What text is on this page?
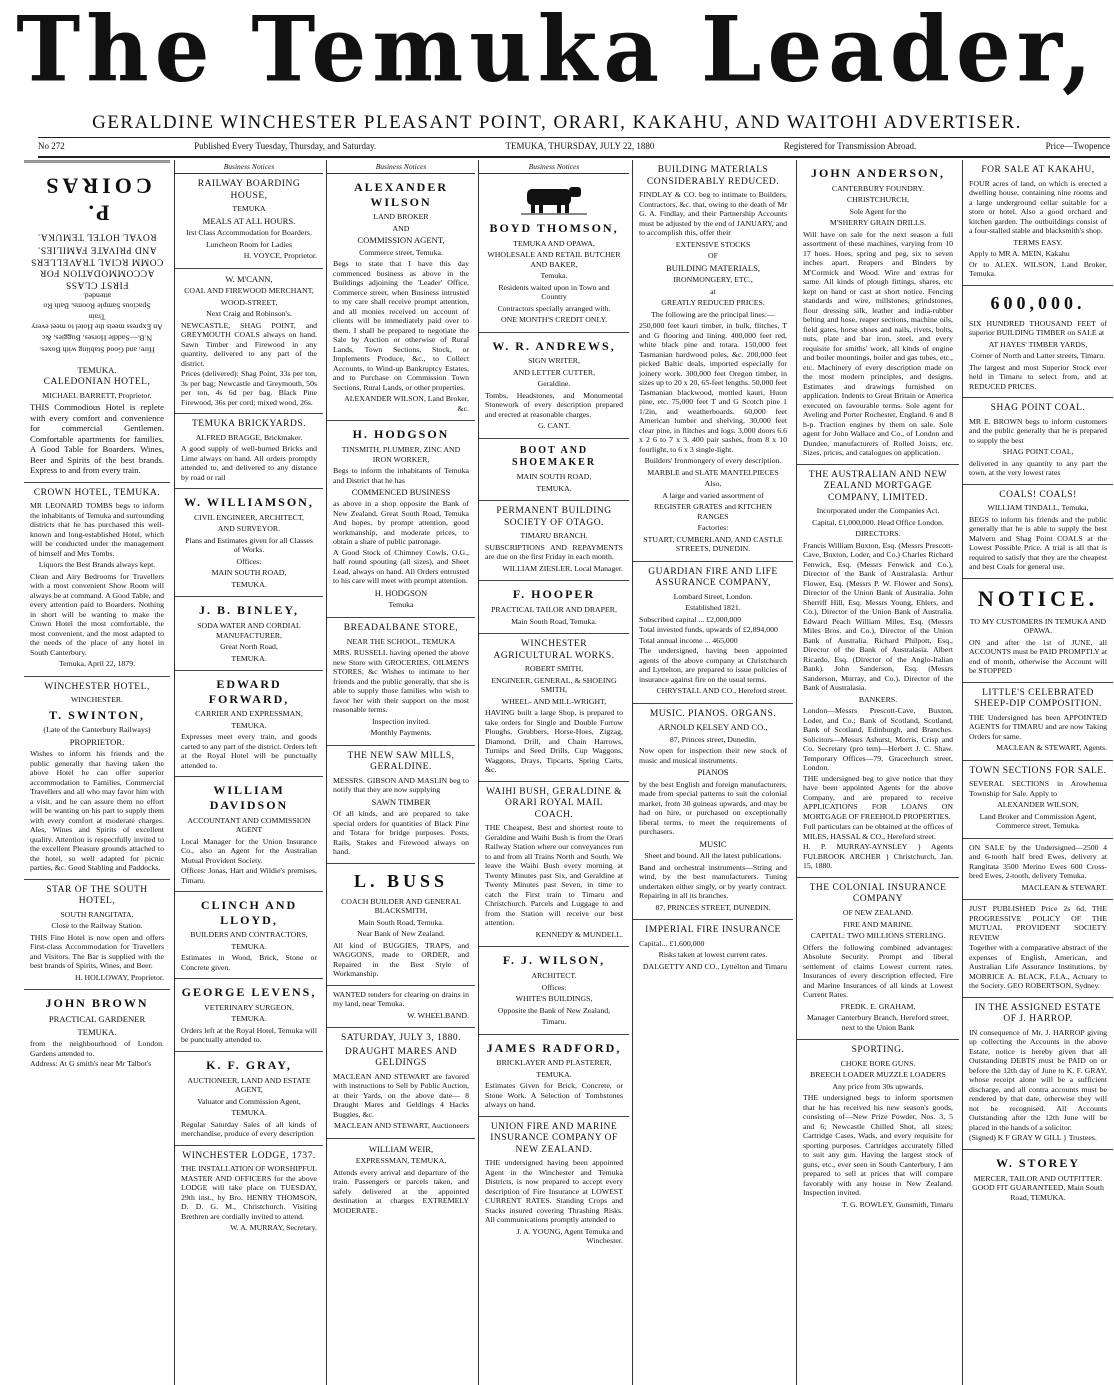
The Temuka Leader,
GERALDINE WINCHESTER PLEASANT POINT, ORARI, KAKAHU, AND WAITOHI ADVERTISER.
No 272	Published Every Tuesday, Thursday, and Saturday.	TEMUKA, THURSDAY, JULY 22, 1880	Registered for Transmission Abroad.	Price—Twopence
Hire, and Good Stabling with Boxes.
N.B.—Saddle Horses, Buggies, &c
An Express meets the Hotel to meet every Train
Spacious Sample Rooms, Bath Ro attended.
FIRST CLASS ACCOMMODATION FOR COMM RCIAL TRAVELLERS AND PRIVATE FAMILIES.
ROYAL HOTEL TEMUKA.
P. COIRAS
TEMUKA.
CALEDONIAN HOTEL,
MICHAEL BARRETT, Proprietor.
THIS Commodious Hotel is replete with every comfort and convenience for commercial Gentlemen. Comfortable apartments for families. A Good Table for Boarders. Wines, Beer and Spirits of the best brands. Express to and from every train.
CROWN HOTEL, TEMUKA.
MR LEONARD TOMBS begs to inform the inhabitants of Temuka and surrounding districts that he has purchased this well-known and long-established Hotel, which will be conducted under the management of himself and Mrs Tombs.
Liquors the Best Brands always kept.
Clean and Airy Bedrooms for Travellers with a most convenient Show Room will always be at command. A Good Table, and every attention paid to Boarders. Nothing in short will be wanting to make the Crown Hotel the most comfortable, the most convenient, and the most adapted to the needs of the place of any hotel in South Canterbury.
Temuka, April 22, 1879.
WINCHESTER HOTEL,
WINCHESTER.
T. SWINTON,
(Late of the Canterbury Railways)
PROPRIETOR.
Wishes to inform his friends and the public generally that having taken the above Hotel he can offer superior accommodation to Families, Commercial Travellers and all who may favor him with a visit, and he can assure them no effort will be wanting on his part to supply them with every comfort at moderate charges. Ales, Wines and Spirits of excellent quality. Attention is respectfully invited to the excellent Pleasure grounds attached to the hotel, so well adapted for picnic parties, &c. Good Stabling and Paddocks.
STAR OF THE SOUTH HOTEL,
SOUTH RANGITATA,
Close to the Railway Station.
THIS Fine Hotel is now open and offers First-class Accommodation for Travellers and Visitors. The Bar is supplied with the best brands of Spirits, Wines, and Beer.
H. HOLLOWAY, Proprietor.
JOHN BROWN
PRACTICAL GARDENER
TEMUKA.
from the neighbourhood of London. Gardens attended to.
Address: At G smith's near Mr Talbot's
Business Notices
RAILWAY BOARDING HOUSE,
TEMUKA
MEALS AT ALL HOURS.
Irst Class Accommodation for Boarders.
Luncheon Room for Ladies
H. VOYCE, Proprietor.
W. M'CANN,
COAL AND FIREWOOD MERCHANT,
WOOD-STREET,
Next Craig and Robinson's.
NEWCASTLE, SHAG POINT, and GREYMOUTH COALS always on hand. Sawn Timber and Firewood in any quantity, delivered to any part of the district.
Prices (delivered): Shag Point, 33s per ton, 3s per bag; Newcastle and Greymouth, 50s per ton, 4s 6d per bag. Black Pine Firewood, 36s per cord; mixed wood, 26s.
TEMUKA BRICKYARDS.
ALFRED BRAGGE, Brickmaker.
A good supply of well-burned Bricks and Lime always on hand. All orders promptly attended to, and delivered to any distance by road or rail
W. WILLIAMSON,
CIVIL ENGINEER, ARCHITECT,
AND SURVEYOR.
Plans and Estimates given for all Classes of Works.
Offices:
MAIN SOUTH ROAD,
TEMUKA.
J. B. BINLEY,
SODA WATER AND CORDIAL MANUFACTURER,
Great North Road,
TEMUKA.
EDWARD FORWARD,
CARRIER AND EXPRESSMAN,
TEMUKA.
Expresses meet every train, and goods carted to any part of the district. Orders left at the Royal Hotel will be punctually attended to.
WILLIAM DAVIDSON
ACCOUNTANT AND COMMISSION AGENT
Local Manager for the Union Insurance Co., also an Agent for the Australian Mutual Provident Society.
Offices: Jonas, Hart and Wildie's premises, Timaru.
CLINCH AND LLOYD,
BUILDERS AND CONTRACTORS,
TEMUKA.
Estimates in Wood, Brick, Stone or Concrete given.
GEORGE LEVENS,
VETERINARY SURGEON,
TEMUKA.
Orders left at the Royal Hotel, Temuka will be punctually attended to.
K. F. GRAY,
AUCTIONEER, LAND AND ESTATE AGENT,
Valuator and Commission Agent,
TEMUKA.
Regular Saturday Sales of all kinds of merchandise, produce of every description
WINCHESTER LODGE, 1737.
THE INSTALLATION OF WORSHIPFUL MASTER AND OFFICERS for the above LODGE will take place on TUESDAY, 29th inst., by Bro. HENRY THOMSON, D. D. G. M., Christchurch. Visiting Brethren are cordially invited to attend.
W. A. MURRAY, Secretary.
Business Notices
ALEXANDER WILSON
LAND BROKER
AND
COMMISSION AGENT,
Commerce street, Temuka.
Begs to state that I have this day commenced business as above in the Buildings adjoining the 'Leader' Office, Commerce street, when Business intrusted to my care shall receive prompt attention, and all monies received on account of clients will be immediately paid over to them. I shall be prepared to negotiate the Sale by Auction or otherwise of Rural Lands, Town Sections, Stock, or Implements Produce, &c., to Collect Accounts, to Wind-up Bankruptcy Estates, and to Purchase on Commission Town Sections, Rural Lands, or other properties.
ALEXANDER WILSON, Land Broker, &c.
H. HODGSON
TINSMITH, PLUMBER, ZINC AND IRON WORKER,
Begs to inform the inhabitants of Temuka and District that he has
COMMENCED BUSINESS
as above in a shop opposite the Bank of New Zealand, Great South Road, Temuka And hopes, by prompt attention, good workmanship, and moderate prices, to obtain a share of public patronage.
A Good Stock of Chimney Cowls, O.G., half round spouting (all sizes), and Sheet Lead, always on hand. All Orders entrusted to his care will meet with prompt attention.
H. HODGSON
Temuka
BREADALBANE STORE,
NEAR THE SCHOOL, TEMUKA
MRS. RUSSELL having opened the above new Store with GROCERIES, OILMEN'S STORES, &c Wishes to intimate to her friends and the public generally, that she is able to supply those families who wish to favor her with their support on the most reasonable terms.
Inspection invited.
Monthly Payments.
THE NEW SAW MILLS, GERALDINE.
MESSRS. GIBSON AND MASLIN beg to notify that they are now supplying
SAWN TIMBER
Of all kinds, and are prepared to take special orders for quantities of Black Pine and Totara for bridge purposes. Posts, Rails, Stakes and Firewood always on hand.
L. BUSS
COACH BUILDER AND GENERAL BLACKSMITH,
Main South Road, Temuka.
Near Bank of New Zealand.
All kind of BUGGIES, TRAPS, and WAGGONS, made to ORDER, and Repaired in the Best Style of Workmanship.
WANTED tenders for clearing on drains in my land, near Temuka.
W. WHEELBAND.
SATURDAY, JULY 3, 1880.
DRAUGHT MARES AND GELDINGS
MACLEAN AND STEWART are favored with instructions to Sell by Public Auction, at their Yards, on the above date— 8 Draught Mares and Geldings 4 Hacks Buggies, &c.
MACLEAN AND STEWART, Auctioneers
WILLIAM WEIR,
EXPRESSMAN, TEMUKA,
Attends every arrival and departure of the train. Passengers or parcels taken, and safely delivered at the appointed destination at charges EXTREMELY MODERATE.
Business Notices
BOYD THOMSON,
TEMUKA AND OPAWA,
WHOLESALE AND RETAIL BUTCHER AND BAKER,
Temuka.
Residents waited upon in Town and Country
Contractors specially arranged with.
ONE MONTH'S CREDIT ONLY.
W. R. ANDREWS,
SIGN WRITER,
AND LETTER CUTTER,
Geraldine.
Tombs, Headstones, and Monumental Stonework of every description prepared and erected at reasonable charges.
G. CANT.
BOOT AND SHOEMAKER
MAIN SOUTH ROAD,
TEMUKA.
PERMANENT BUILDING SOCIETY OF OTAGO.
TIMARU BRANCH.
SUBSCRIPTIONS AND REPAYMENTS are due on the first Friday in each month.
WILLIAM ZIESLER, Local Manager.
F. HOOPER
PRACTICAL TAILOR AND DRAPER,
Main South Road, Temuka.
WINCHESTER AGRICULTURAL WORKS.
ROBERT SMITH,
ENGINEER, GENERAL, & SHOEING SMITH,
WHEEL- AND MILL-WRIGHT,
HAVING built a large Shop, is prepared to take orders for Single and Double Furrow Ploughs, Grubbers, Horse-Hoes, Zigzag, Diamond, Drill, and Chain Harrows, Turnips and Seed Drills, Cup Waggons, Waggons, Drays, Tipcarts, Spring Carts, &c.
WAIHI BUSH, GERALDINE & ORARI ROYAL MAIL COACH.
THE Cheapest, Best and shortest route to Geraldine and Waihi Bush is from the Orari Railway Station where our conveyances run to and from all Trains North and South. We leave the Waihi Bush every morning at Twenty Minutes past Six, and Geraldine at Twenty Minutes past Seven, in time to catch the First train to Timaru and Christchurch. Parcels and Luggage to and from the Station will receive our best attention.
KENNEDY & MUNDELL.
F. J. WILSON,
ARCHITECT.
Offices:
WHITE'S BUILDINGS,
Opposite the Bank of New Zealand,
Timaru.
JAMES RADFORD,
BRICKLAYER AND PLASTERER,
TEMUKA.
Estimates Given for Brick, Concrete, or Stone Work. A Selection of Tombstones always on hand.
UNION FIRE AND MARINE INSURANCE COMPANY OF NEW ZEALAND.
THE undersigned having been appointed Agent in the Winchester and Temuka Districts, is now prepared to accept every description of Fire Insurance at LOWEST CURRENT RATES. Standing Crops and Stacks insured covering Thrashing Risks. All communications promptly attended to
J. A. YOUNG, Agent Temuka and Winchester.
BUILDING MATERIALS CONSIDERABLY REDUCED.
FINDLAY & CO. beg to intimate to Builders, Contractors, &c. that, owing to the death of Mr G. A. Findlay, and their Partnership Accounts must be adjusted by the end of JANUARY, and to accomplish this, offer their
EXTENSIVE STOCKS
OF
BUILDING MATERIALS,
IRONMONGERY, ETC.,
at
GREATLY REDUCED PRICES.
The following are the principal lines:—
250,000 feet kauri timber, in bulk, flitches, T and G flooring and lining. 400,000 feet red, white black pine and totara. 150,000 feet Tasmanian hardwood poles, &c. 200,000 feet picked Baltic deals, imported especially for joinery work. 300,000 feet Oregon timber, in sizes up to 20 x 20, 65-feet lengths. 50,000 feet Tasmanian blackwood, mottled kauri, Huon pine, etc. 75,000 feet T and G Scotch pine 1 1/2in, and weatherboards. 60,000 feet American lumber and shelving, 30,000 feet clear pine, in flitches and logs. 3,000 doors 6.6 x 2 6 to 7 x 3. 400 pair sashes, from 8 x 10 fourlight, to 6 x 3 single-light.
Builders' Ironmongery of every description.
MARBLE and SLATE MANTELPIECES
Also,
A large and varied assortment of
REGISTER GRATES and KITCHEN RANGES
Factories:
STUART, CUMBERLAND, AND CASTLE STREETS, DUNEDIN.
GUARDIAN FIRE AND LIFE ASSURANCE COMPANY,
Lombard Street, London.
Established 1821.
Subscribed capital ... £2,000,000
Total invested funds, upwards of £2,894,000
Total annual income ... 465,000
The undersigned, having been appointed agents of the above company at Christchurch and Lyttelton, are prepared to issue policies of insurance against fire on the usual terms.
CHRYSTALL AND CO., Hereford street.
MUSIC. PIANOS. ORGANS.
ARNOLD KELSEY AND CO.,
87, Princes street, Dunedin,
Now open for inspection their new stock of music and musical instruments.
PIANOS
by the best English and foreign manufacturers, made from special patterns to suit the colonial market, from 30 guineas upwards, and may be had on hire, or purchased on exceptionally liberal terms, to meet the requirements of purchasers.
MUSIC
Sheet and bound. All the latest publications.
Band and orchestral instruments—String and wind, by the best manufacturers. Tuning undertaken either singly, or by yearly contract. Repairing in all its branches.
87, PRINCES STREET, DUNEDIN.
IMPERIAL FIRE INSURANCE
Capital... £1,600,000
Risks taken at lowest current rates.
DALGETTY AND CO., Lyttelton and Timaru
JOHN ANDERSON,
CANTERBURY FOUNDRY.
CHRISTCHURCH,
Sole Agent for the
M'SHERRY GRAIN DRILLS.
Will have on sale for the next season a full assortment of these machines, varying from 10 17 hoes. Hoes, spring and peg, six to seven inches apart. Reapers and Binders by M'Cormick and Wood. Wire and extras for same. All kinds of plough fittings, shares, etc kept on hand or cast at short notice. Fencing standards and wire, millstones, grindstones, flour dressing silk, leather and india-rubber belting and hose, reaper sections, machine oils, field gates, horse shoes and nails, rivets, bolts, nuts, plate and bar iron, steel, and every requisite for smiths' work, all kinds of engine and boiler mountings, boiler and gas tubes, etc., etc. Machinery of every description made on the most modern principles, and designs. Estimates and drawings furnished on application. Indents to Great Britain or America executed on favourable terms. Sole agent for Aveling and Porter Rochester, England. 6 and 8 h-p. Traction engines by them on sale. Sole agent for John Wallace and Co., of London and Dundee, manufacturers of Rolled Joists, etc. Sizes, prices, and catalogues on application.
THE AUSTRALIAN AND NEW ZEALAND MORTGAGE COMPANY, LIMITED.
Incorporated under the Companies Act.
Capital, £1,000,000. Head Office London.
DIRECTORS.
Francis William Buxton, Esq. (Messrs Prescott-Cave, Buxton, Loder, and Co.) Charles Richard Fenwick, Esq. (Messrs Fenwick and Co.), Director of the Bank of Australasia. Arthur Flower, Esq. (Messrs P. W. Flower and Sons), Director of the Union Bank of Australia. John Sherriff Hill, Esq. Messrs Young, Ehlers, and Co.), Director of the Union Bank of Australia. Edward Peach William Miles, Esq. (Messrs Miles Bros. and Co.), Director of the Union Bank of Australia. Richard Philpott, Esq., Director of the Bank of Australasia. Albert Ricardo, Esq. (Director of the Anglo-Italian Bank). John Sanderson, Esq. (Messrs Sanderson, Murray, and Co.), Director of the Bank of Australasia.
BANKERS.
London—Messrs Prescott-Cave, Buxton, Loder, and Co.; Bank of Scotland, Scotland, Bank of Scotland, Edinburgh, and Branches. Solicitors—Messrs Ashurst, Morris, Crisp and Co. Secretary (pro tem)—Herbert J. C. Shaw. Temporary Offices—79, Gracechurch street, London.
THE undersigned beg to give notice that they have been appointed Agents for the above Company, and are prepared to receive APPLICATIONS FOR LOANS ON MORTGAGE OF FREEHOLD PROPERTIES.
Full particulars can be obtained at the offices of MILES, HASSAL & CO., Hereford street.
H. P. MURRAY-AYNSLEY } Agents FULBROOK ARCHER } Christchurch, Jan. 15, 1880.
THE COLONIAL INSURANCE COMPANY
OF NEW ZEALAND.
FIRE AND MARINE.
CAPITAL: TWO MILLIONS STERLING.
Offers the following combined advantages: Absolute Security. Prompt and liberal settlement of claims Lowest current rates. Insurances of every description effected, Fire and Marine Insurances of all kinds at Lowest Current Rates.
FREDK. E. GRAHAM,
Manager Canterbury Branch, Hereford street, next to the Union Bank
SPORTING.
CHOKE BORE GUNS.
BREECH LOADER MUZZLE LOADERS
Any price from 30s upwards.
THE undersigned begs to inform sportsmen that he has received his new season's goods, consisting of—New Prize Powder, Nos. 3, 5 and 6; Newcastle Chilled Shot, all sizes; Cartridge Cases, Wads, and every requisite for sporting purposes. Cartridges accurately filled to suit any gun. Having the largest stock of guns, etc., ever seen in South Canterbury, I am prepared to sell at prices that will compare favorably with any house in New Zealand. Inspection invited.
T. G. ROWLEY, Gunsmith, Timaru
FOR SALE AT KAKAHU,
FOUR acres of land, on which is erected a dwelling house, containing nine rooms and a large underground cellar suitable for a store or hotel. Also a good orchard and kitchen garden. The outbuildings consist of a four-stalled stable and blacksmith's shop.
TERMS EASY.
Apply to MR A. MEIN, Kakahu
Or to ALEX. WILSON, Land Broker, Temuka.
600,000.
SIX HUNDRED THOUSAND FEET of superior BUILDING TIMBER on SALE at
AT HAYES' TIMBER YARDS,
Corner of North and Latter streets, Timaru.
The largest and most Superior Stock ever held in Timaru to select from, and at REDUCED PRICES.
SHAG POINT COAL.
MR E. BROWN begs to inform customers and the public generally that he is prepared to supply the best
SHAG POINT COAL,
delivered in any quantity to any part the town, at the very lowest rates
COALS! COALS!
WILLIAM TINDALL, Temuka,
BEGS to inform his friends and the public generally that he is able to supply the best Malvern and Shag Point COALS at the Lowest Possible Price. A trial is all that is required to satisfy that they are the cheapest and best Coals for general use.
NOTICE.
TO MY CUSTOMERS IN TEMUKA AND OPAWA.
ON and after the 1st of JUNE, all ACCOUNTS must be PAID PROMPTLY at end of month, otherwise the Account will be STOPPED
LITTLE'S CELEBRATED SHEEP-DIP COMPOSITION.
THE Undersigned has been APPOINTED AGENTS for TIMARU and are now Taking Orders for same.
MACLEAN & STEWART, Agents.
TOWN SECTIONS FOR SALE.
SEVERAL SECTIONS in Arowhenua Township for Sale. Apply to
ALEXANDER WILSON,
Land Broker and Commission Agent, Commerce street, Temuka.
ON SALE by the Undersigned—2500 4 and 6-tooth half bred Ewes, delivery at Rangitata 3500 Merino Ewes 600 Cross-bred Ewes, 2-tooth, delivery Temuka.
MACLEAN & STEWART.
JUST PUBLISHED Price 2s 6d, THE PROGRESSIVE POLICY OF THE MUTUAL PROVIDENT SOCIETY REVIEW
Together with a comparative abstract of the expenses of English, American, and Australian Life Assurance Institutions, by MORRICE A. BLACK, F.I.A., Actuary to the Society. GEO ROBERTSON, Sydney.
IN THE ASSIGNED ESTATE OF J. HARROP.
IN consequence of Mr. J. HARROP giving up collecting the Accounts in the above Estate, notice is hereby given that all Outstanding DEBTS must be PAID on or before the 12th day of June to K. F. GRAY, whose receipt alone will be a sufficient discharge, and all contra accounts must be rendered by that date, otherwise they will not be recognised. All Accounts Outstanding after the 12th June will be placed in the hands of a solicitor.
(Signed) K F GRAY W GILL } Trustees.
W. STOREY
MERCER, TAILOR AND OUTFITTER. GOOD FIT GUARANTEED, Main South Road, TEMUKA.
